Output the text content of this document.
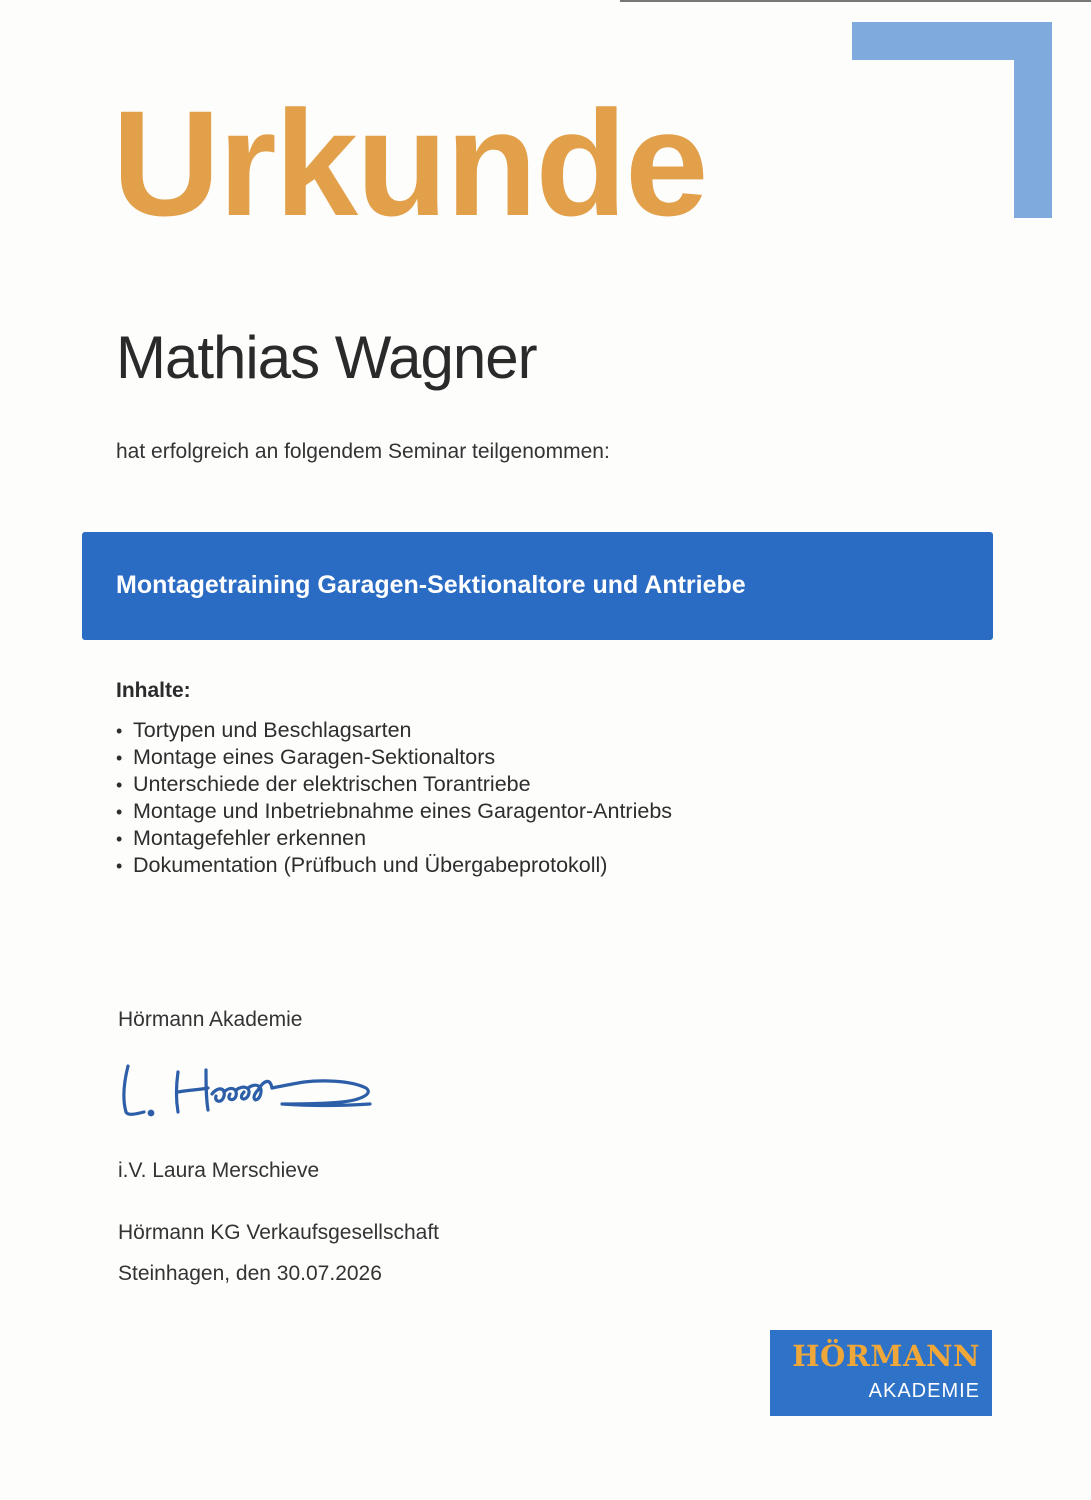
Urkunde
Mathias Wagner
hat erfolgreich an folgendem Seminar teilgenommen:
Montagetraining Garagen-Sektionaltore und Antriebe
Inhalte:
• Tortypen und Beschlagsarten
• Montage eines Garagen-Sektionaltors
• Unterschiede der elektrischen Torantriebe
• Montage und Inbetriebnahme eines Garagentor-Antriebs
• Montagefehler erkennen
• Dokumentation (Prüfbuch und Übergabeprotokoll)
Hörmann Akademie
i.V. Laura Merschieve
Hörmann KG Verkaufsgesellschaft
Steinhagen, den 30.07.2026
HÖRMANN
AKADEMIE
